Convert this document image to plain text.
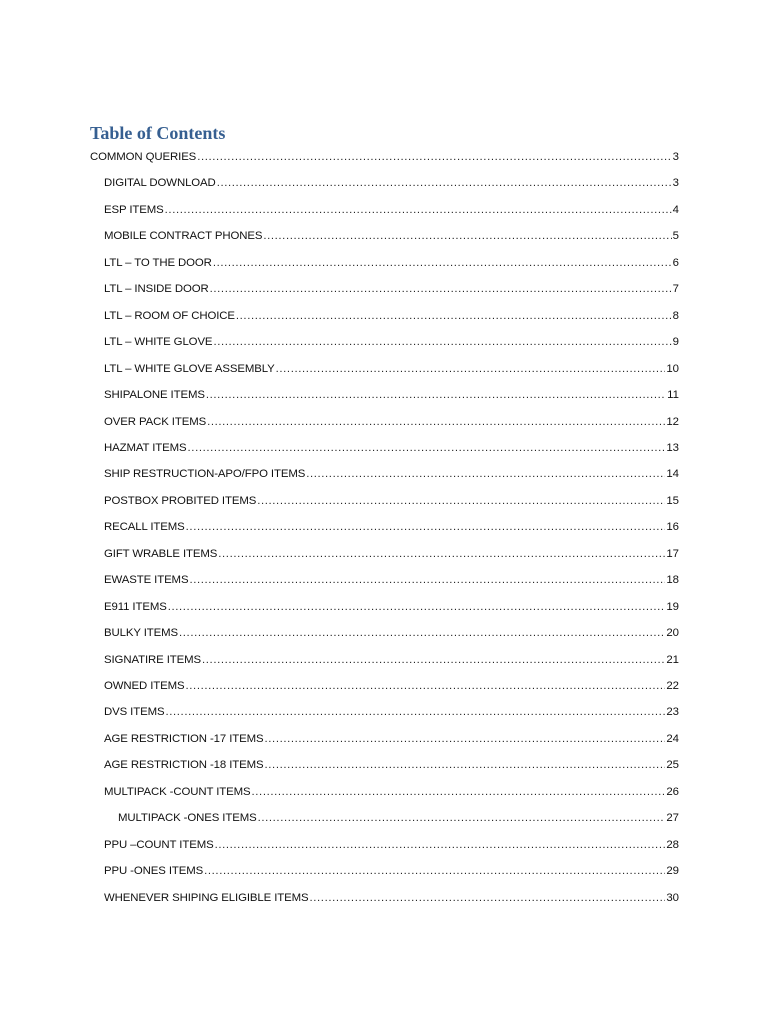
Table of Contents
COMMON QUERIES .....	3
DIGITAL DOWNLOAD .....	3
ESP ITEMS .....	4
MOBILE CONTRACT PHONES .....	5
LTL – TO THE DOOR .....	6
LTL – INSIDE DOOR .....	7
LTL – ROOM OF CHOICE .....	8
LTL – WHITE GLOVE .....	9
LTL – WHITE GLOVE ASSEMBLY .....	10
SHIPALONE ITEMS .....	11
OVER PACK ITEMS .....	12
HAZMAT ITEMS .....	13
SHIP RESTRUCTION-APO/FPO ITEMS .....	14
POSTBOX PROBITED ITEMS .....	15
RECALL ITEMS .....	16
GIFT WRABLE ITEMS .....	17
EWASTE ITEMS .....	18
E911 ITEMS .....	19
BULKY ITEMS .....	20
SIGNATIRE ITEMS .....	21
OWNED ITEMS .....	22
DVS ITEMS .....	23
AGE RESTRICTION -17 ITEMS .....	24
AGE RESTRICTION -18 ITEMS .....	25
MULTIPACK -COUNT ITEMS .....	26
MULTIPACK -ONES ITEMS .....	27
PPU –COUNT ITEMS .....	28
PPU -ONES ITEMS .....	29
WHENEVER SHIPING ELIGIBLE ITEMS .....	30
